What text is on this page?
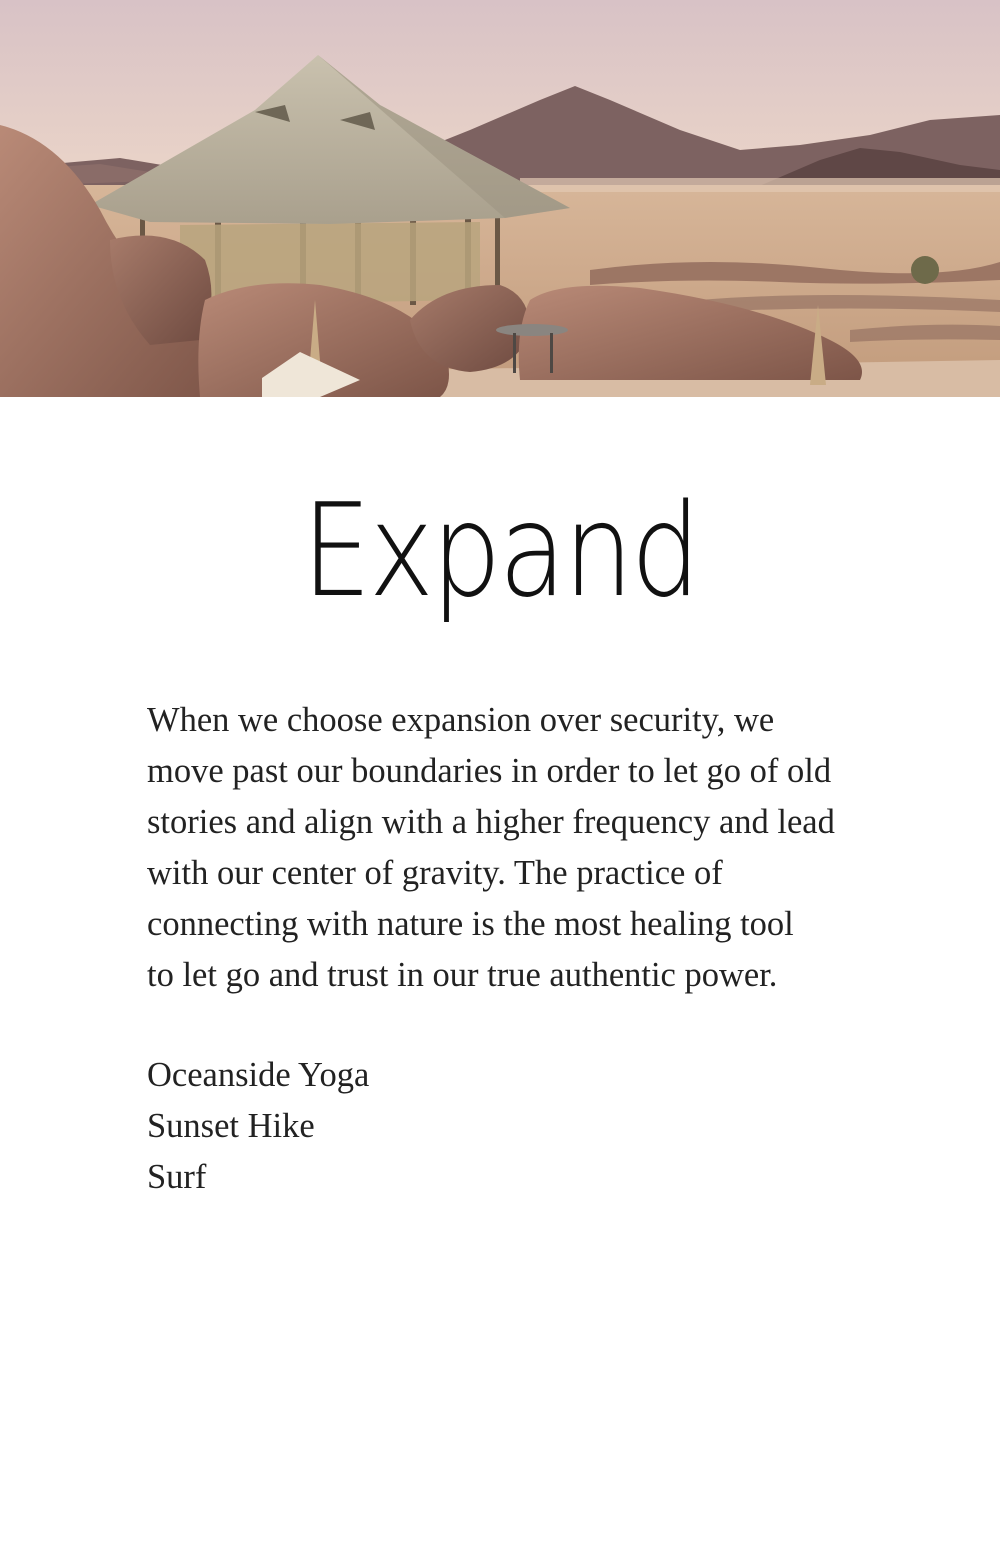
Expand

When we choose expansion over security, we
move past our boundaries in order to let go of old
stories and align with a higher frequency and lead
with our center of gravity. The practice of
connecting with nature is the most healing tool
to let go and trust in our true authentic power.

Oceanside Yoga
Sunset Hike
Surf
